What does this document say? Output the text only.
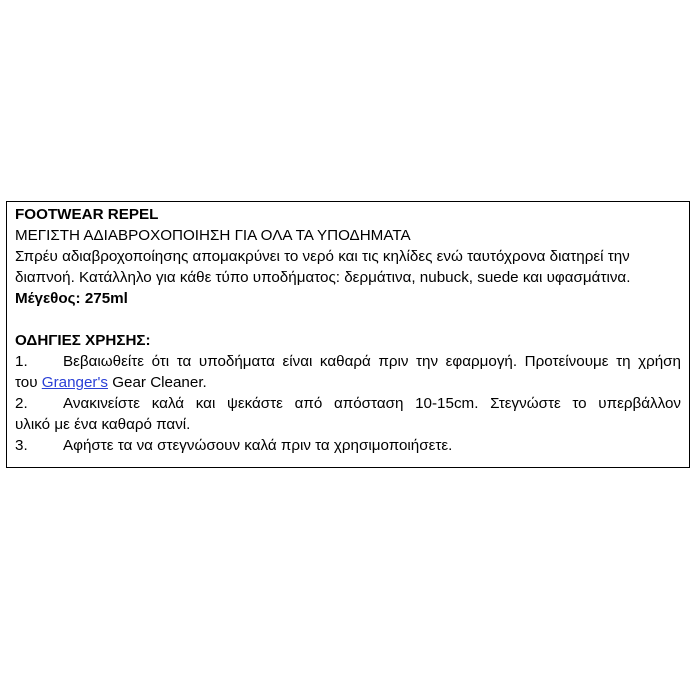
FOOTWEAR REPEL
ΜΕΓΙΣΤΗ ΑΔΙΑΒΡΟΧΟΠΟΙΗΣΗ ΓΙΑ ΟΛΑ ΤΑ ΥΠΟΔΗΜΑΤΑ
Σπρέυ αδιαβροχοποίησης απομακρύνει το νερό και τις κηλίδες ενώ ταυτόχρονα διατηρεί την
διαπνοή. Κατάλληλο για κάθε τύπο υποδήματος: δερμάτινα, nubuck, suede και υφασμάτινα.
Μέγεθος: 275ml
ΟΔΗΓΙΕΣ ΧΡΗΣΗΣ:
1.	Βεβαιωθείτε ότι τα υποδήματα είναι καθαρά πριν την εφαρμογή. Προτείνουμε τη χρήση
του Granger's Gear Cleaner.
2.	Ανακινείστε καλά και ψεκάστε από απόσταση 10-15cm. Στεγνώστε το υπερβάλλον
υλικό με ένα καθαρό πανί.
3.	Αφήστε τα να στεγνώσουν καλά πριν τα χρησιμοποιήσετε.
